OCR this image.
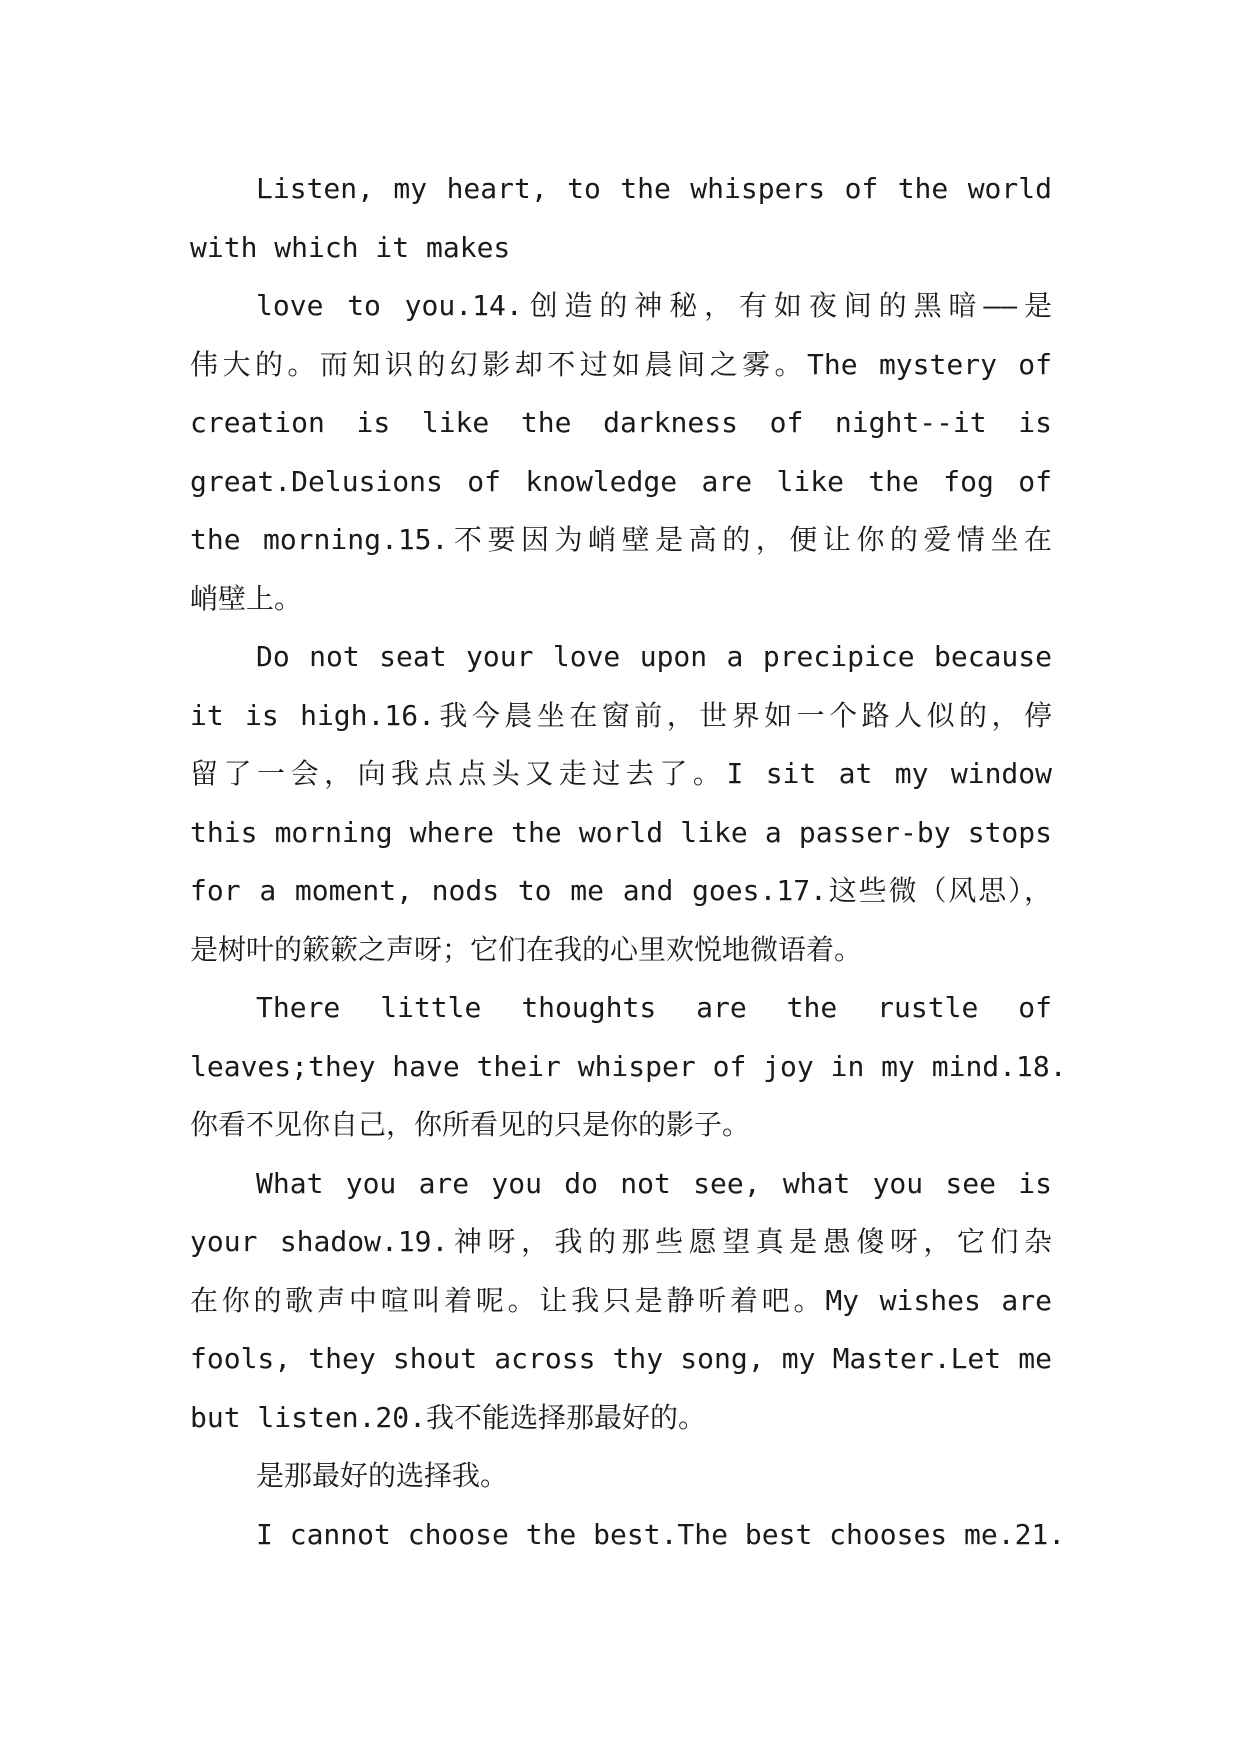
Listen, my heart, to the whispers of the world
with which it makes
love to you.14.创造的神秘，有如夜间的黑暗——是
伟大的。而知识的幻影却不过如晨间之雾。The mystery of
creation is like the darkness of night--it is
great.Delusions of knowledge are like the fog of
the morning.15.不要因为峭壁是高的，便让你的爱情坐在
峭壁上。
Do not seat your love upon a precipice because
it is high.16.我今晨坐在窗前，世界如一个路人似的，停
留了一会，向我点点头又走过去了。I sit at my window
this morning where the world like a passer-by stops
for a moment, nods to me and goes.17.这些微（风思），
是树叶的簌簌之声呀；它们在我的心里欢悦地微语着。
There little thoughts are the rustle of
leaves;they have their whisper of joy in my mind.18.
你看不见你自己，你所看见的只是你的影子。
What you are you do not see, what you see is
your shadow.19.神呀，我的那些愿望真是愚傻呀，它们杂
在你的歌声中喧叫着呢。让我只是静听着吧。My wishes are
fools, they shout across thy song, my Master.Let me
but listen.20.我不能选择那最好的。
是那最好的选择我。
I cannot choose the best.The best chooses me.21.
